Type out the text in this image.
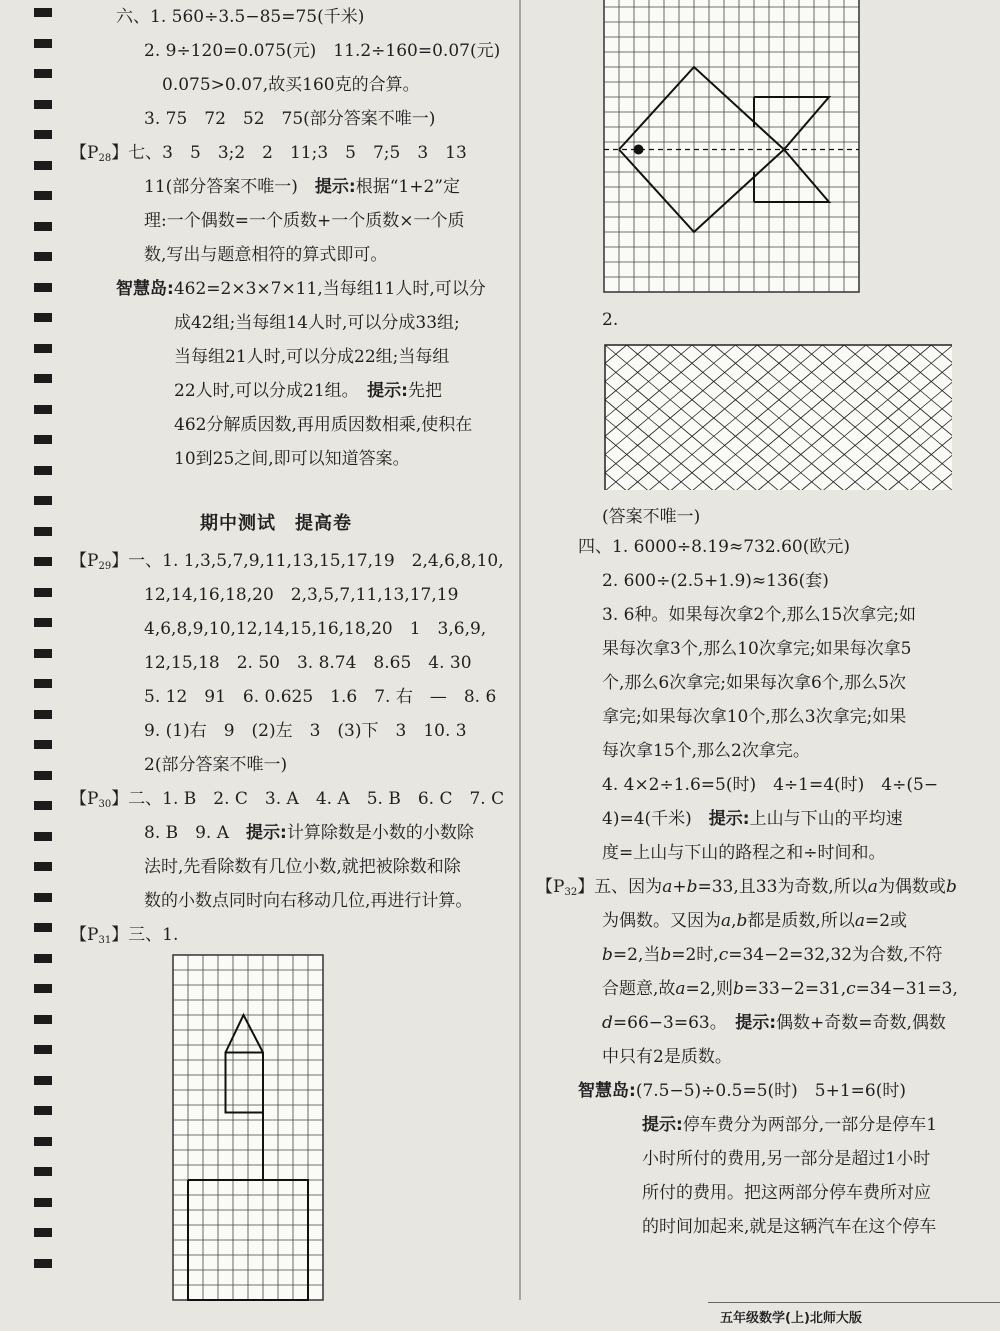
六、1. 560÷3.5−85=75(千米)
2. 9÷120=0.075(元)　11.2÷160=0.07(元)
0.075>0.07,故买160克的合算。
3. 75　72　52　75(部分答案不唯一)
【P28】七、3　5　3;2　2　11;3　5　7;5　3　13
11(部分答案不唯一)　提示:根据“1+2”定
理:一个偶数=一个质数+一个质数×一个质
数,写出与题意相符的算式即可。
智慧岛:462=2×3×7×11,当每组11人时,可以分
成42组;当每组14人时,可以分成33组;
当每组21人时,可以分成22组;当每组
22人时,可以分成21组。　提示:先把
462分解质因数,再用质因数相乘,使积在
10到25之间,即可以知道答案。
【P29】一、1. 1,3,5,7,9,11,13,15,17,19　2,4,6,8,10,
12,14,16,18,20　2,3,5,7,11,13,17,19
4,6,8,9,10,12,14,15,16,18,20　1　3,6,9,
12,15,18　2. 50　3. 8.74　8.65　4. 30
5. 12　91　6. 0.625　1.6　7. 右　—　8. 6
9. (1)右　9　(2)左　3　(3)下　3　10. 3
2(部分答案不唯一)
【P30】二、1. B　2. C　3. A　4. A　5. B　6. C　7. C
8. B　9. A　提示:计算除数是小数的小数除
法时,先看除数有几位小数,就把被除数和除
数的小数点同时向右移动几位,再进行计算。
【P31】三、1.
期中测试　提高卷
2.
(答案不唯一)
四、1. 6000÷8.19≈732.60(欧元)
2. 600÷(2.5+1.9)≈136(套)
3. 6种。如果每次拿2个,那么15次拿完;如
果每次拿3个,那么10次拿完;如果每次拿5
个,那么6次拿完;如果每次拿6个,那么5次
拿完;如果每次拿10个,那么3次拿完;如果
每次拿15个,那么2次拿完。
4. 4×2÷1.6=5(时)　4÷1=4(时)　4÷(5−
4)=4(千米)　提示:上山与下山的平均速
度=上山与下山的路程之和÷时间和。
【P32】五、因为a+b=33,且33为奇数,所以a为偶数或b
为偶数。又因为a,b都是质数,所以a=2或
b=2,当b=2时,c=34−2=32,32为合数,不符
合题意,故a=2,则b=33−2=31,c=34−31=3,
d=66−3=63。　提示:偶数+奇数=奇数,偶数
中只有2是质数。
智慧岛:(7.5−5)÷0.5=5(时)　5+1=6(时)
提示:停车费分为两部分,一部分是停车1
小时所付的费用,另一部分是超过1小时
所付的费用。把这两部分停车费所对应
的时间加起来,就是这辆汽车在这个停车
五年级数学(上)北师大版
